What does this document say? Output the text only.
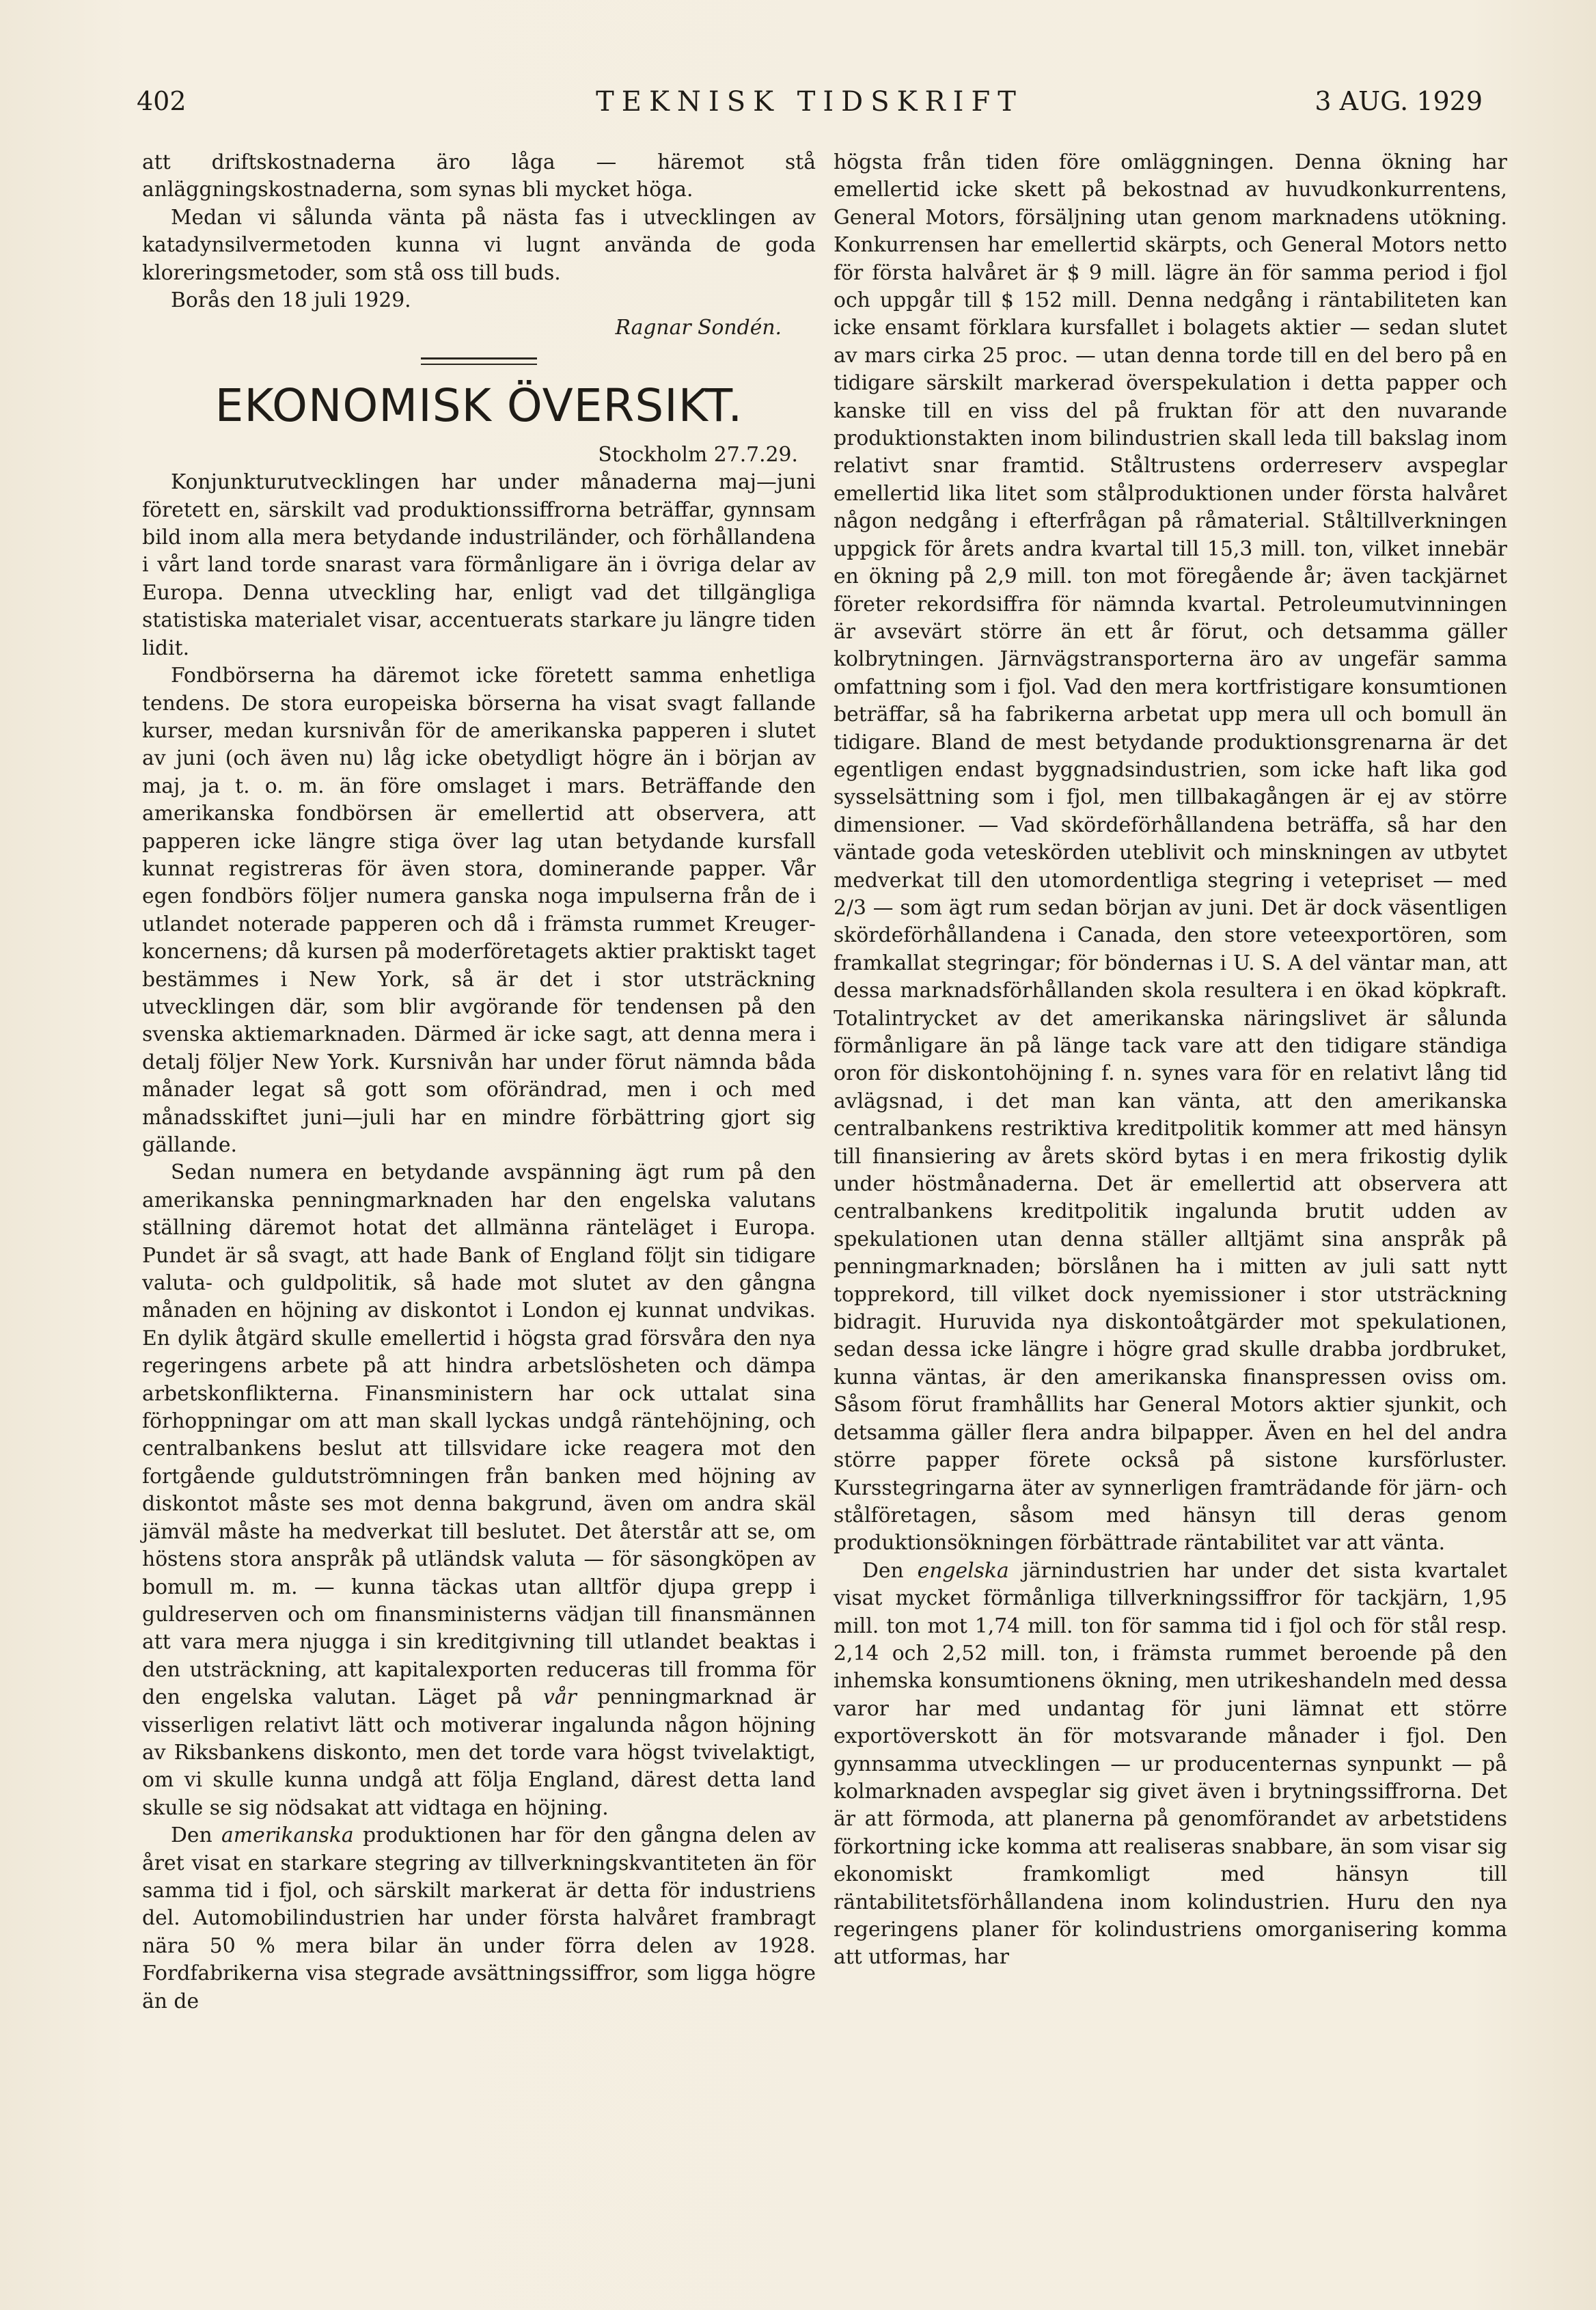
402	TEKNISK TIDSKRIFT	3 AUG. 1929

att driftskostnaderna äro låga — häremot stå anläggningskostnaderna, som synas bli mycket höga.

Medan vi sålunda vänta på nästa fas i utvecklingen av katadynsilvermetoden kunna vi lugnt använda de goda kloreringsmetoder, som stå oss till buds.

Borås den 18 juli 1929.

Ragnar Sondén.

EKONOMISK ÖVERSIKT.

Stockholm 27.7.29.

Konjunkturutvecklingen har under månaderna maj—juni företett en, särskilt vad produktionssiffrorna beträffar, gynnsam bild inom alla mera betydande industriländer, och förhållandena i vårt land torde snarast vara förmånligare än i övriga delar av Europa. Denna utveckling har, enligt vad det tillgängliga statistiska materialet visar, accentuerats starkare ju längre tiden lidit.

Fondbörserna ha däremot icke företett samma enhetliga tendens. De stora europeiska börserna ha visat svagt fallande kurser, medan kursnivån för de amerikanska papperen i slutet av juni (och även nu) låg icke obetydligt högre än i början av maj, ja t. o. m. än före omslaget i mars. Beträffande den amerikanska fondbörsen är emellertid att observera, att papperen icke längre stiga över lag utan betydande kursfall kunnat registreras för även stora, dominerande papper. Vår egen fondbörs följer numera ganska noga impulserna från de i utlandet noterade papperen och då i främsta rummet Kreuger-koncernens; då kursen på moderföretagets aktier praktiskt taget bestämmes i New York, så är det i stor utsträckning utvecklingen där, som blir avgörande för tendensen på den svenska aktiemarknaden. Därmed är icke sagt, att denna mera i detalj följer New York. Kursnivån har under förut nämnda båda månader legat så gott som oförändrad, men i och med månadsskiftet juni—juli har en mindre förbättring gjort sig gällande.

Sedan numera en betydande avspänning ägt rum på den amerikanska penningmarknaden har den engelska valutans ställning däremot hotat det allmänna ränteläget i Europa. Pundet är så svagt, att hade Bank of England följt sin tidigare valuta- och guldpolitik, så hade mot slutet av den gångna månaden en höjning av diskontot i London ej kunnat undvikas. En dylik åtgärd skulle emellertid i högsta grad försvåra den nya regeringens arbete på att hindra arbetslösheten och dämpa arbetskonflikterna. Finansministern har ock uttalat sina förhoppningar om att man skall lyckas undgå räntehöjning, och centralbankens beslut att tillsvidare icke reagera mot den fortgående guldutströmningen från banken med höjning av diskontot måste ses mot denna bakgrund, även om andra skäl jämväl måste ha medverkat till beslutet. Det återstår att se, om höstens stora anspråk på utländsk valuta — för säsongköpen av bomull m. m. — kunna täckas utan alltför djupa grepp i guldreserven och om finansministerns vädjan till finansmännen att vara mera njugga i sin kreditgivning till utlandet beaktas i den utsträckning, att kapitalexporten reduceras till fromma för den engelska valutan. Läget på vår penningmarknad är visserligen relativt lätt och motiverar ingalunda någon höjning av Riksbankens diskonto, men det torde vara högst tvivelaktigt, om vi skulle kunna undgå att följa England, därest detta land skulle se sig nödsakat att vidtaga en höjning.

Den amerikanska produktionen har för den gångna delen av året visat en starkare stegring av tillverkningskvantiteten än för samma tid i fjol, och särskilt markerat är detta för industriens del. Automobilindustrien har under första halvåret frambragt nära 50 % mera bilar än under förra delen av 1928. Fordfabrikerna visa stegrade avsättningssiffror, som ligga högre än de

högsta från tiden före omläggningen. Denna ökning har emellertid icke skett på bekostnad av huvudkonkurrentens, General Motors, försäljning utan genom marknadens utökning. Konkurrensen har emellertid skärpts, och General Motors netto för första halvåret är $ 9 mill. lägre än för samma period i fjol och uppgår till $ 152 mill. Denna nedgång i räntabiliteten kan icke ensamt förklara kursfallet i bolagets aktier — sedan slutet av mars cirka 25 proc. — utan denna torde till en del bero på en tidigare särskilt markerad överspekulation i detta papper och kanske till en viss del på fruktan för att den nuvarande produktionstakten inom bilindustrien skall leda till bakslag inom relativt snar framtid. Ståltrustens orderreserv avspeglar emellertid lika litet som stålproduktionen under första halvåret någon nedgång i efterfrågan på råmaterial. Ståltillverkningen uppgick för årets andra kvartal till 15,3 mill. ton, vilket innebär en ökning på 2,9 mill. ton mot föregående år; även tackjärnet företer rekordsiffra för nämnda kvartal. Petroleumutvinningen är avsevärt större än ett år förut, och detsamma gäller kolbrytningen. Järnvägstransporterna äro av ungefär samma omfattning som i fjol. Vad den mera kortfristigare konsumtionen beträffar, så ha fabrikerna arbetat upp mera ull och bomull än tidigare. Bland de mest betydande produktionsgrenarna är det egentligen endast byggnadsindustrien, som icke haft lika god sysselsättning som i fjol, men tillbakagången är ej av större dimensioner. — Vad skördeförhållandena beträffa, så har den väntade goda veteskörden uteblivit och minskningen av utbytet medverkat till den utomordentliga stegring i vetepriset — med 2/3 — som ägt rum sedan början av juni. Det är dock väsentligen skördeförhållandena i Canada, den store veteexportören, som framkallat stegringar; för böndernas i U. S. A del väntar man, att dessa marknadsförhållanden skola resultera i en ökad köpkraft. Totalintrycket av det amerikanska näringslivet är sålunda förmånligare än på länge tack vare att den tidigare ständiga oron för diskontohöjning f. n. synes vara för en relativt lång tid avlägsnad, i det man kan vänta, att den amerikanska centralbankens restriktiva kreditpolitik kommer att med hänsyn till finansiering av årets skörd bytas i en mera frikostig dylik under höstmånaderna. Det är emellertid att observera att centralbankens kreditpolitik ingalunda brutit udden av spekulationen utan denna ställer alltjämt sina anspråk på penningmarknaden; börslånen ha i mitten av juli satt nytt topprekord, till vilket dock nyemissioner i stor utsträckning bidragit. Huruvida nya diskontoåtgärder mot spekulationen, sedan dessa icke längre i högre grad skulle drabba jordbruket, kunna väntas, är den amerikanska finanspressen oviss om. Såsom förut framhållits har General Motors aktier sjunkit, och detsamma gäller flera andra bilpapper. Även en hel del andra större papper förete också på sistone kursförluster. Kursstegringarna äter av synnerligen framträdande för järn- och stålföretagen, såsom med hänsyn till deras genom produktionsökningen förbättrade räntabilitet var att vänta.

Den engelska järnindustrien har under det sista kvartalet visat mycket förmånliga tillverkningssiffror för tackjärn, 1,95 mill. ton mot 1,74 mill. ton för samma tid i fjol och för stål resp. 2,14 och 2,52 mill. ton, i främsta rummet beroende på den inhemska konsumtionens ökning, men utrikeshandeln med dessa varor har med undantag för juni lämnat ett större exportöverskott än för motsvarande månader i fjol. Den gynnsamma utvecklingen — ur producenternas synpunkt — på kolmarknaden avspeglar sig givet även i brytningssiffrorna. Det är att förmoda, att planerna på genomförandet av arbetstidens förkortning icke komma att realiseras snabbare, än som visar sig ekonomiskt framkomligt med hänsyn till räntabilitetsförhållandena inom kolindustrien. Huru den nya regeringens planer för kolindustriens omorganisering komma att utformas, har
